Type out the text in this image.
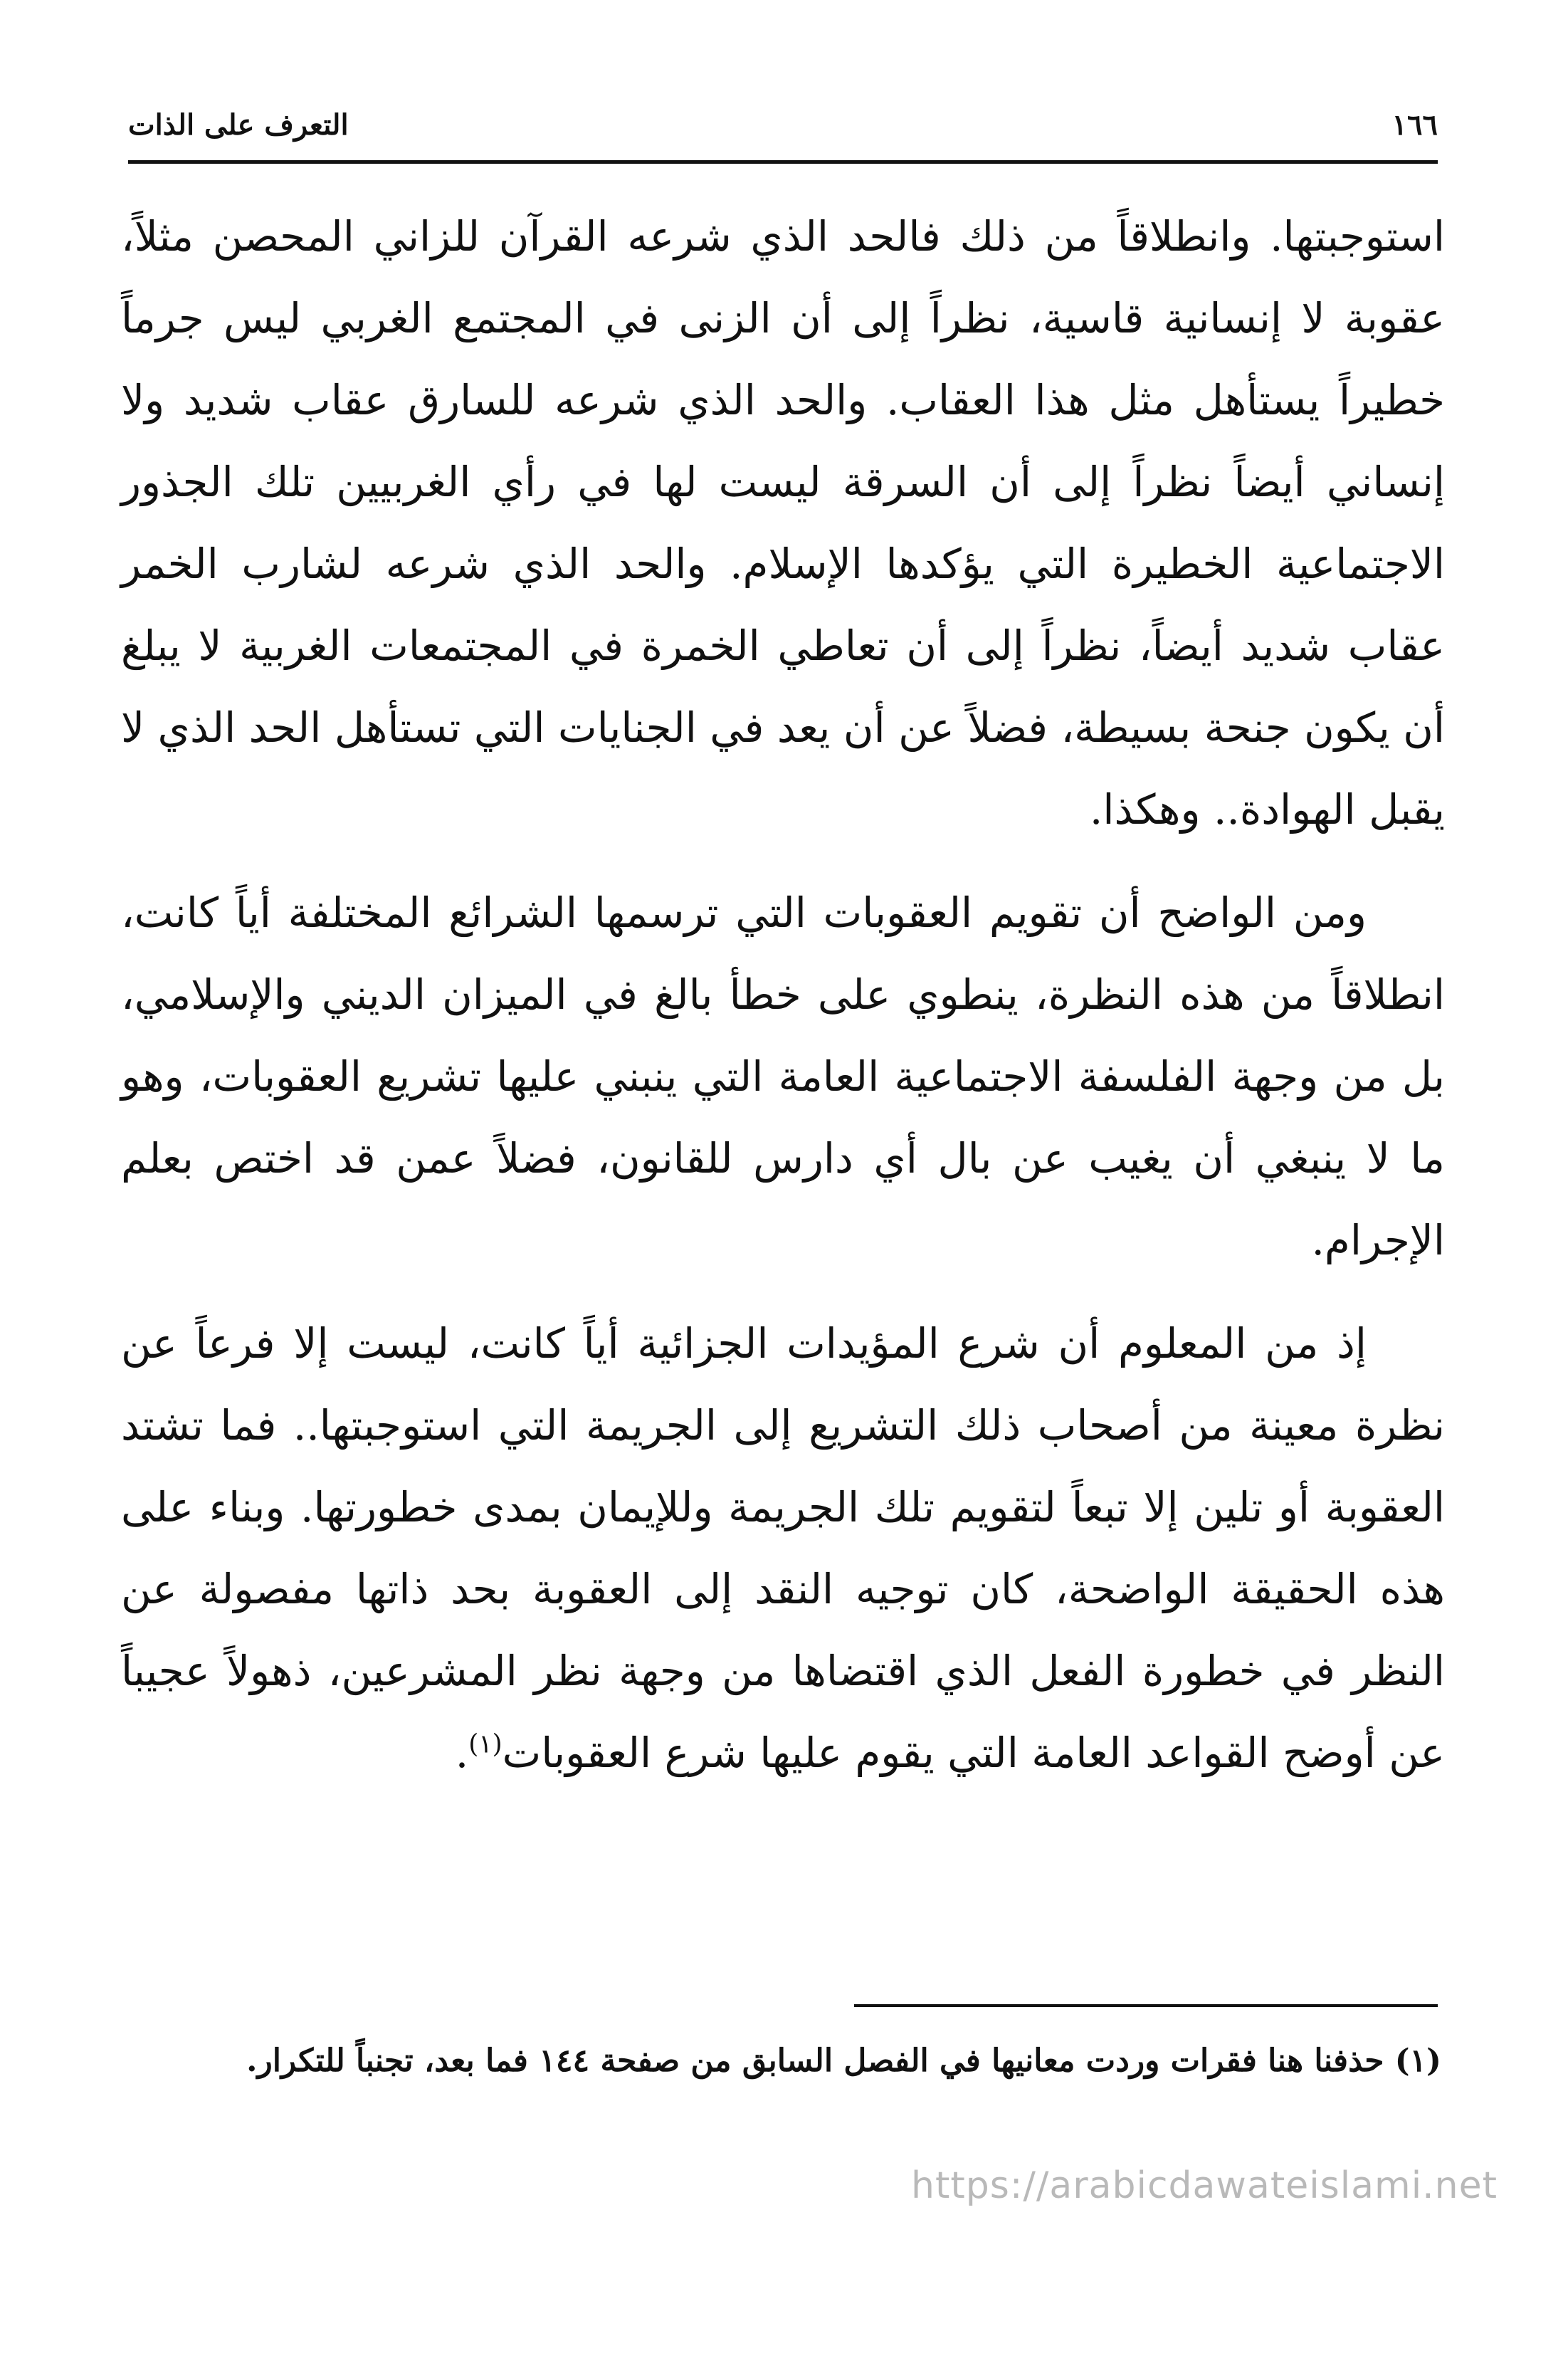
١٦٦
التعرف على الذات

استوجبتها. وانطلاقاً من ذلك فالحد الذي شرعه القرآن للزاني المحصن مثلاً، عقوبة لا إنسانية قاسية، نظراً إلى أن الزنى في المجتمع الغربي ليس جرماً خطيراً يستأهل مثل هذا العقاب. والحد الذي شرعه للسارق عقاب شديد ولا إنساني أيضاً نظراً إلى أن السرقة ليست لها في رأي الغربيين تلك الجذور الاجتماعية الخطيرة التي يؤكدها الإسلام. والحد الذي شرعه لشارب الخمر عقاب شديد أيضاً، نظراً إلى أن تعاطي الخمرة في المجتمعات الغربية لا يبلغ أن يكون جنحة بسيطة، فضلاً عن أن يعد في الجنايات التي تستأهل الحد الذي لا يقبل الهوادة.. وهكذا.

ومن الواضح أن تقويم العقوبات التي ترسمها الشرائع المختلفة أياً كانت، انطلاقاً من هذه النظرة، ينطوي على خطأ بالغ في الميزان الديني والإسلامي، بل من وجهة الفلسفة الاجتماعية العامة التي ينبني عليها تشريع العقوبات، وهو ما لا ينبغي أن يغيب عن بال أي دارس للقانون، فضلاً عمن قد اختص بعلم الإجرام.

إذ من المعلوم أن شرع المؤيدات الجزائية أياً كانت، ليست إلا فرعاً عن نظرة معينة من أصحاب ذلك التشريع إلى الجريمة التي استوجبتها.. فما تشتد العقوبة أو تلين إلا تبعاً لتقويم تلك الجريمة وللإيمان بمدى خطورتها. وبناء على هذه الحقيقة الواضحة، كان توجيه النقد إلى العقوبة بحد ذاتها مفصولة عن النظر في خطورة الفعل الذي اقتضاها من وجهة نظر المشرعين، ذهولاً عجيباً عن أوضح القواعد العامة التي يقوم عليها شرع العقوبات$^{(١)}$.

(١) حذفنا هنا فقرات وردت معانيها في الفصل السابق من صفحة ١٤٤ فما بعد، تجنباً للتكرار.

https://arabicdawateislami.net
